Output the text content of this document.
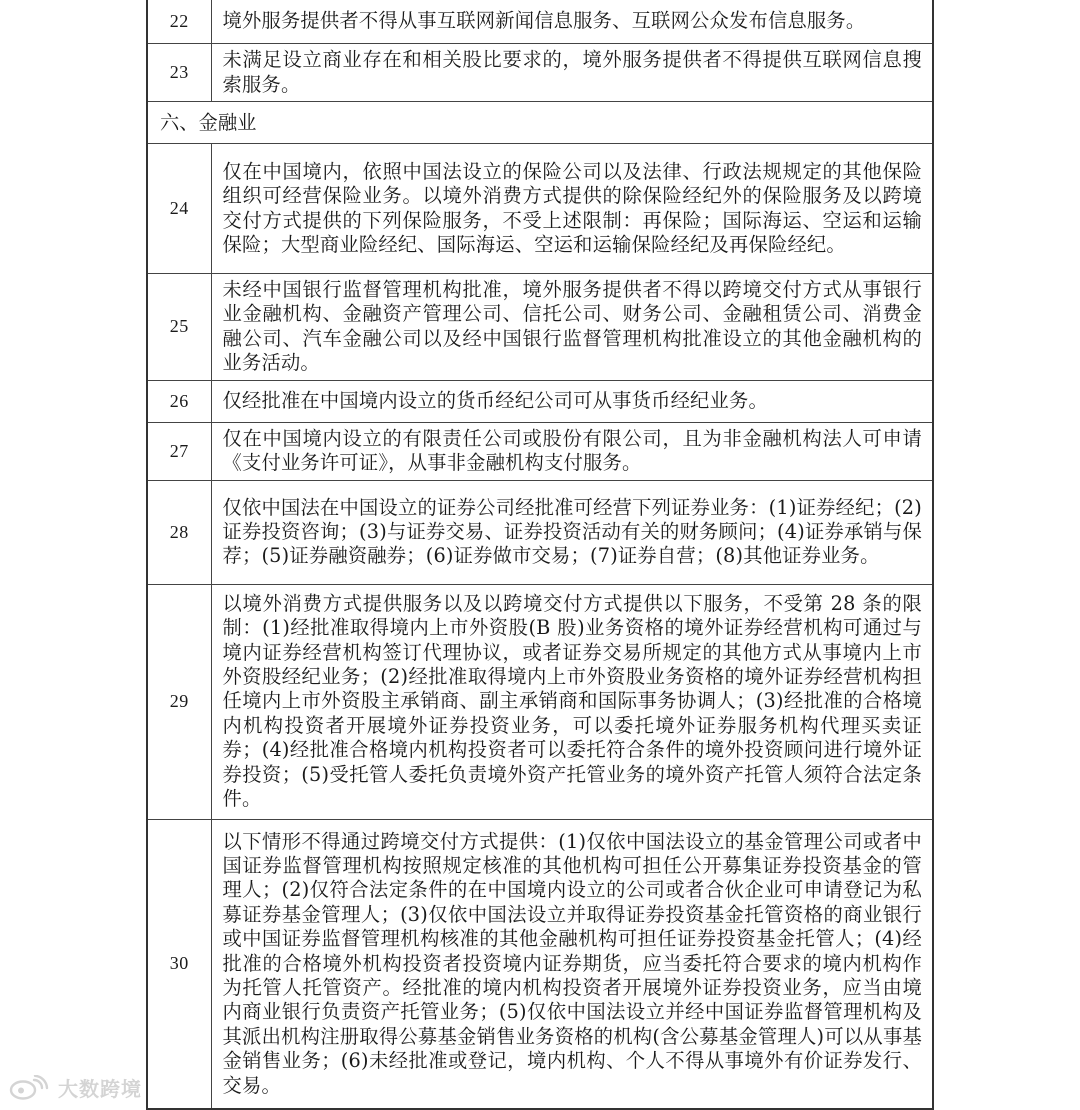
22	境外服务提供者不得从事互联网新闻信息服务、互联网公众发布信息服务。
23	未满足设立商业存在和相关股比要求的，境外服务提供者不得提供互联网信息搜索服务。
六、金融业	
24	仅在中国境内，依照中国法设立的保险公司以及法律、行政法规规定的其他保险组织可经营保险业务。以境外消费方式提供的除保险经纪外的保险服务及以跨境交付方式提供的下列保险服务，不受上述限制：再保险；国际海运、空运和运输保险；大型商业险经纪、国际海运、空运和运输保险经纪及再保险经纪。
25	未经中国银行监督管理机构批准，境外服务提供者不得以跨境交付方式从事银行业金融机构、金融资产管理公司、信托公司、财务公司、金融租赁公司、消费金融公司、汽车金融公司以及经中国银行监督管理机构批准设立的其他金融机构的业务活动。
26	仅经批准在中国境内设立的货币经纪公司可从事货币经纪业务。
27	仅在中国境内设立的有限责任公司或股份有限公司，且为非金融机构法人可申请《支付业务许可证》，从事非金融机构支付服务。
28	仅依中国法在中国设立的证券公司经批准可经营下列证券业务：(1)证券经纪；(2)证券投资咨询；(3)与证券交易、证券投资活动有关的财务顾问；(4)证券承销与保荐；(5)证券融资融券；(6)证券做市交易；(7)证券自营；(8)其他证券业务。
29	以境外消费方式提供服务以及以跨境交付方式提供以下服务，不受第 28 条的限制：(1)经批准取得境内上市外资股(B 股)业务资格的境外证券经营机构可通过与境内证券经营机构签订代理协议，或者证券交易所规定的其他方式从事境内上市外资股经纪业务；(2)经批准取得境内上市外资股业务资格的境外证券经营机构担任境内上市外资股主承销商、副主承销商和国际事务协调人；(3)经批准的合格境内机构投资者开展境外证券投资业务，可以委托境外证券服务机构代理买卖证券；(4)经批准合格境内机构投资者可以委托符合条件的境外投资顾问进行境外证券投资；(5)受托管人委托负责境外资产托管业务的境外资产托管人须符合法定条件。
30	以下情形不得通过跨境交付方式提供：(1)仅依中国法设立的基金管理公司或者中国证券监督管理机构按照规定核准的其他机构可担任公开募集证券投资基金的管理人；(2)仅符合法定条件的在中国境内设立的公司或者合伙企业可申请登记为私募证券基金管理人；(3)仅依中国法设立并取得证券投资基金托管资格的商业银行或中国证券监督管理机构核准的其他金融机构可担任证券投资基金托管人；(4)经批准的合格境外机构投资者投资境内证券期货，应当委托符合要求的境内机构作为托管人托管资产。经批准的境内机构投资者开展境外证券投资业务，应当由境内商业银行负责资产托管业务；(5)仅依中国法设立并经中国证券监督管理机构及其派出机构注册取得公募基金销售业务资格的机构(含公募基金管理人)可以从事基金销售业务；(6)未经批准或登记，境内机构、个人不得从事境外有价证券发行、交易。
大数跨境
